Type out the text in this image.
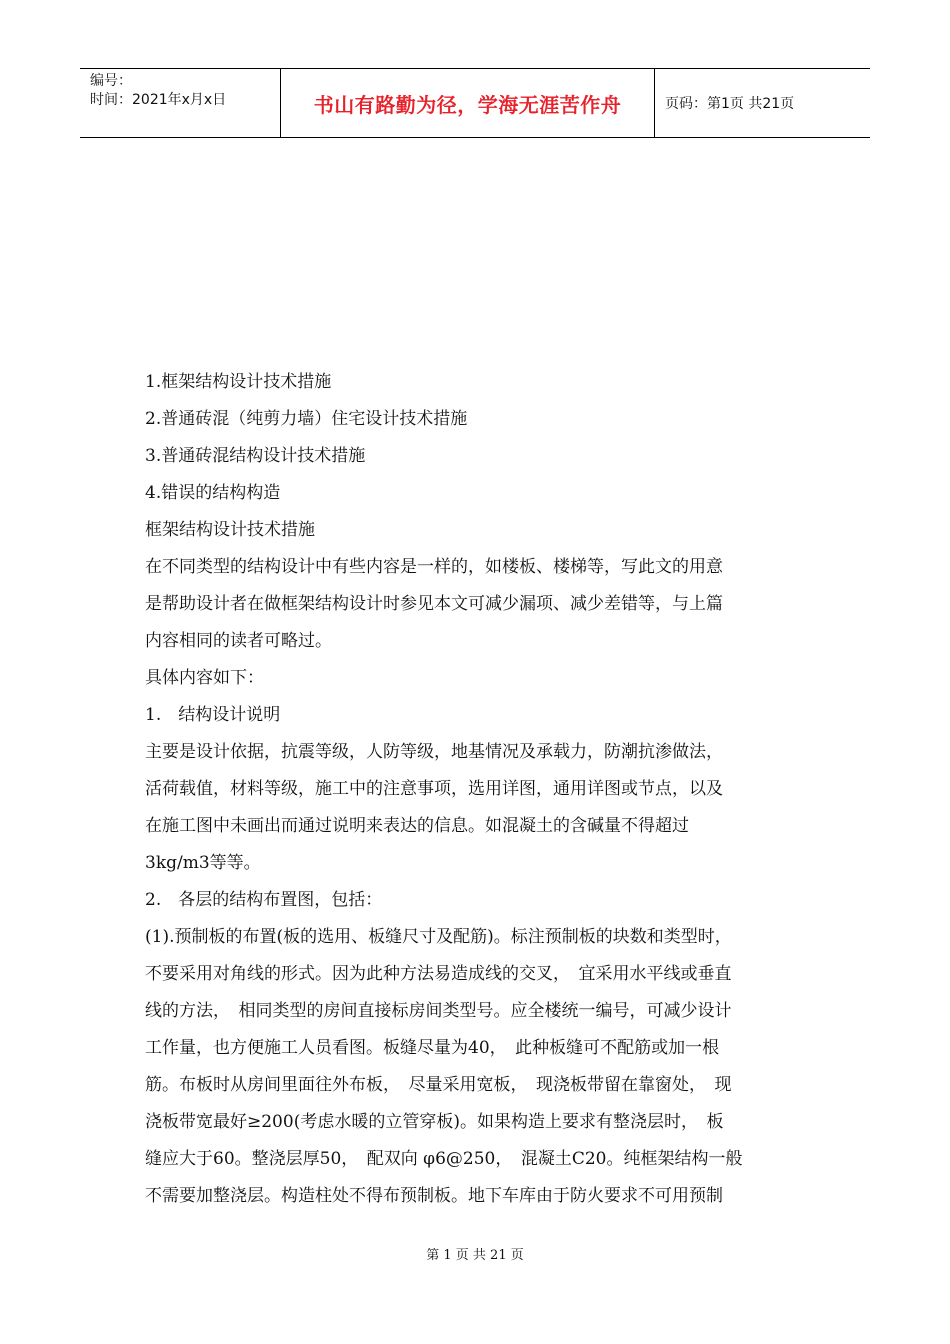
编号：
时间：2021年x月x日	书山有路勤为径，学海无涯苦作舟	页码：第1页 共21页

1.框架结构设计技术措施

2.普通砖混（纯剪力墙）住宅设计技术措施

3.普通砖混结构设计技术措施

4.错误的结构构造

框架结构设计技术措施

在不同类型的结构设计中有些内容是一样的，如楼板、楼梯等，写此文的用意

是帮助设计者在做框架结构设计时参见本文可减少漏项、减少差错等，与上篇

内容相同的读者可略过。

具体内容如下：

1.　结构设计说明

主要是设计依据，抗震等级，人防等级，地基情况及承载力，防潮抗渗做法，

活荷载值，材料等级，施工中的注意事项，选用详图，通用详图或节点，以及

在施工图中未画出而通过说明来表达的信息。如混凝土的含碱量不得超过

3kg/m3等等。

2.　各层的结构布置图，包括：

(1).预制板的布置(板的选用、板缝尺寸及配筋)。标注预制板的块数和类型时，

不要采用对角线的形式。因为此种方法易造成线的交叉，　宜采用水平线或垂直

线的方法，　相同类型的房间直接标房间类型号。应全楼统一编号，可减少设计

工作量，也方便施工人员看图。板缝尽量为40，　此种板缝可不配筋或加一根

筋。布板时从房间里面往外布板，　尽量采用宽板，　现浇板带留在靠窗处，　现

浇板带宽最好≥200(考虑水暖的立管穿板)。如果构造上要求有整浇层时，　板

缝应大于60。整浇层厚50，　配双向 φ6@250，　混凝土C20。纯框架结构一般

不需要加整浇层。构造柱处不得布预制板。地下车库由于防火要求不可用预制

第 1 页 共 21 页
